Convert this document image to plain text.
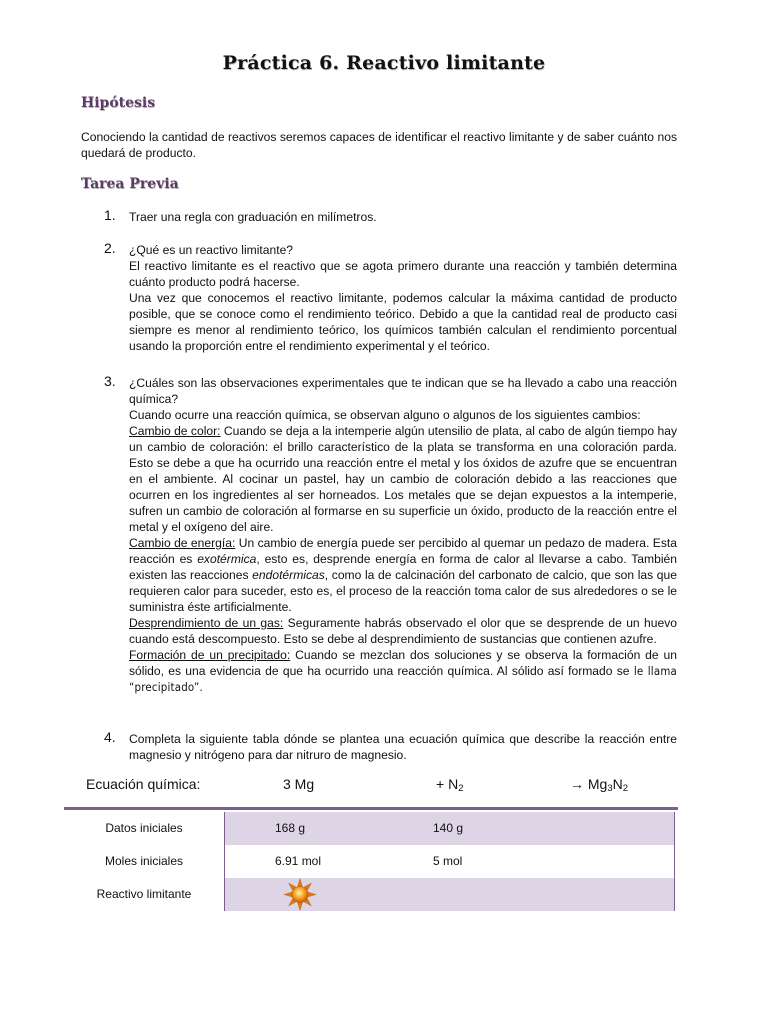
Práctica 6. Reactivo limitante
Hipótesis

Conociendo la cantidad de reactivos seremos capaces de identificar el reactivo limitante y de saber cuánto nos quedará de producto.

Tarea Previa
1. Traer una regla con graduación en milímetros.

2. ¿Qué es un reactivo limitante?

El reactivo limitante es el reactivo que se agota primero durante una reacción y también determina cuánto producto podrá hacerse.

Una vez que conocemos el reactivo limitante, podemos calcular la máxima cantidad de producto posible, que se conoce como el rendimiento teórico. Debido a que la cantidad real de producto casi siempre es menor al rendimiento teórico, los químicos también calculan el rendimiento porcentual usando la proporción entre el rendimiento experimental y el teórico.

3. ¿Cuáles son las observaciones experimentales que te indican que se ha llevado a cabo una reacción química?

Cuando ocurre una reacción química, se observan alguno o algunos de los siguientes cambios:

Cambio de color: Cuando se deja a la intemperie algún utensilio de plata, al cabo de algún tiempo hay un cambio de coloración: el brillo característico de la plata se transforma en una coloración parda. Esto se debe a que ha ocurrido una reacción entre el metal y los óxidos de azufre que se encuentran en el ambiente. Al cocinar un pastel, hay un cambio de coloración debido a las reacciones que ocurren en los ingredientes al ser horneados. Los metales que se dejan expuestos a la intemperie, sufren un cambio de coloración al formarse en su superficie un óxido, producto de la reacción entre el metal y el oxígeno del aire.

Cambio de energía: Un cambio de energía puede ser percibido al quemar un pedazo de madera. Esta reacción es exotérmica, esto es, desprende energía en forma de calor al llevarse a cabo. También existen las reacciones endotérmicas, como la de calcinación del carbonato de calcio, que son las que requieren calor para suceder, esto es, el proceso de la reacción toma calor de sus alrededores o se le suministra éste artificialmente.

Desprendimiento de un gas: Seguramente habrás observado el olor que se desprende de un huevo cuando está descompuesto. Esto se debe al desprendimiento de sustancias que contienen azufre.

Formación de un precipitado: Cuando se mezclan dos soluciones y se observa la formación de un sólido, es una evidencia de que ha ocurrido una reacción química. Al sólido así formado se le llama “precipitado”.

4. Completa la siguiente tabla dónde se plantea una ecuación química que describe la reacción entre magnesio y nitrógeno para dar nitruro de magnesio.

Ecuación química:	3 Mg	+ $N_2$	→ $Mg_3N_2$
Datos iniciales	168 g	140 g
Moles iniciales	6.91 mol	5 mol
Reactivo limitante
